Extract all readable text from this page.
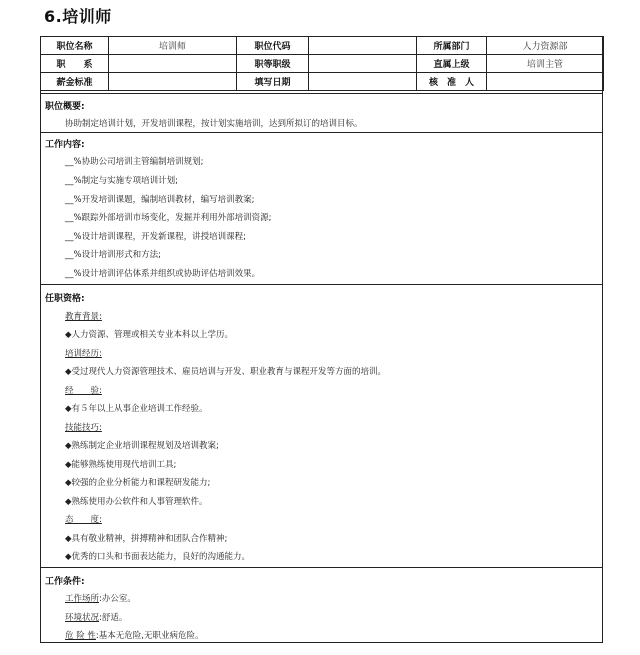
6.培训师
职位名称	培训师	职位代码		所属部门	人力资源部
职　　系		职等职级		直属上级	培训主管
薪金标准		填写日期		核　准　人	
职位概要:
协助制定培训计划，开发培训课程，按计划实施培训，达到所拟订的培训目标。
工作内容:
__%协助公司培训主管编制培训规划;
__%制定与实施专项培训计划;
__%开发培训课题，编制培训教材，编写培训教案;
__%跟踪外部培训市场变化，发掘并利用外部培训资源;
__%设计培训课程，开发新课程，讲授培训课程;
__%设计培训形式和方法;
__%设计培训评估体系并组织或协助评估培训效果。
任职资格:
教育背景:
◆人力资源、管理或相关专业本科以上学历。
培训经历:
◆受过现代人力资源管理技术、雇员培训与开发、职业教育与课程开发等方面的培训。
经　　验:
◆有５年以上从事企业培训工作经验。
技能技巧:
◆熟练制定企业培训课程规划及培训教案;
◆能够熟练使用现代培训工具;
◆较强的企业分析能力和课程研发能力;
◆熟练使用办公软件和人事管理软件。
态　　度:
◆具有敬业精神，拼搏精神和团队合作精神;
◆优秀的口头和书面表达能力，良好的沟通能力。
工作条件:
工作场所:办公室。
环境状况:舒适。
危 险 性:基本无危险,无职业病危险。
